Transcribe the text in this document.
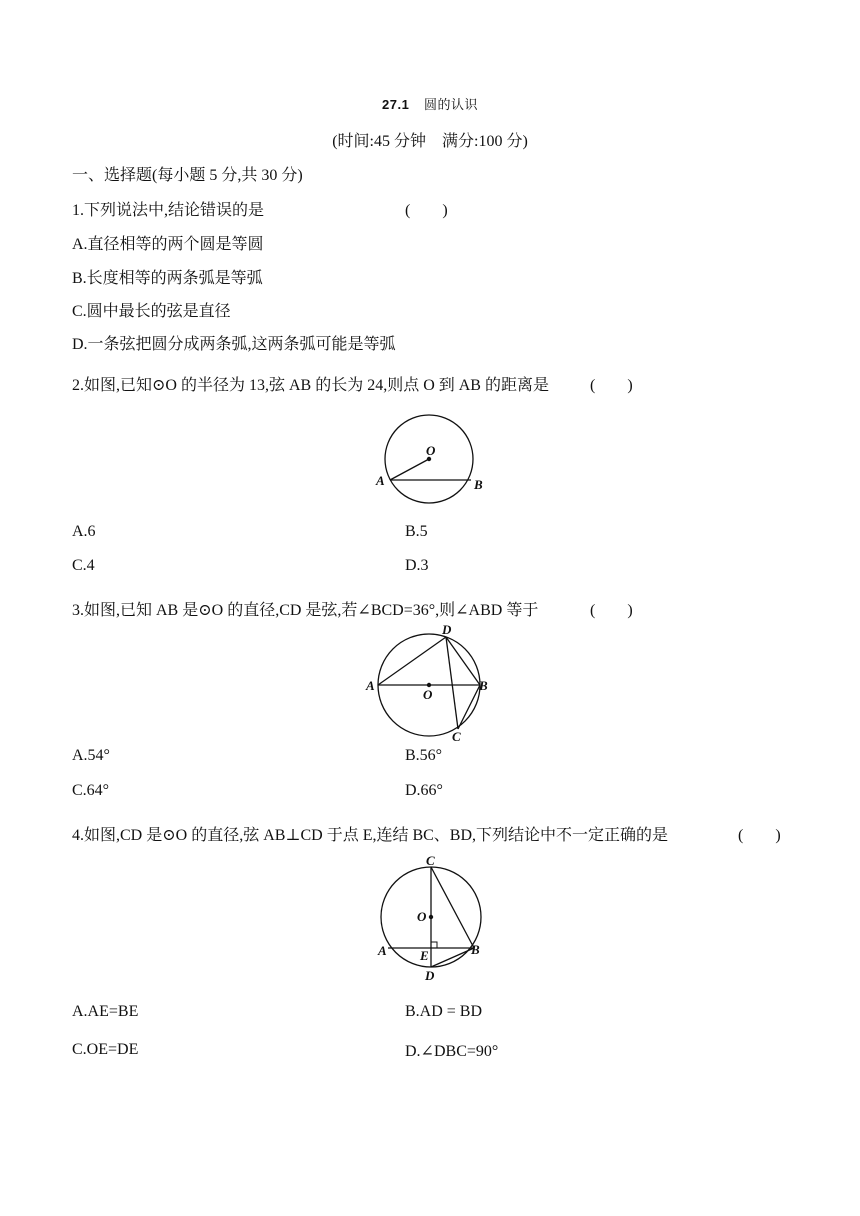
27.1 圆的认识
(时间:45 分钟　满分:100 分)
一、选择题(每小题 5 分,共 30 分)
1.下列说法中,结论错误的是	(　　)
A.直径相等的两个圆是等圆
B.长度相等的两条弧是等弧
C.圆中最长的弦是直径
D.一条弦把圆分成两条弧,这两条弧可能是等弧
2.如图,已知⊙O 的半径为 13,弦 AB 的长为 24,则点 O 到 AB 的距离是	(　　)
O
A	B
A.6	B.5
C.4	D.3
3.如图,已知 AB 是⊙O 的直径,CD 是弦,若∠BCD=36°,则∠ABD 等于	(　　)
D
A	B
O
C
A.54°	B.56°
C.64°	D.66°
4.如图,CD 是⊙O 的直径,弦 AB⊥CD 于点 E,连结 BC、BD,下列结论中不一定正确的是	(　　)
C
O
A	B
E
D
A.AE=BE	B.AD = BD
C.OE=DE	D.∠DBC=90°
